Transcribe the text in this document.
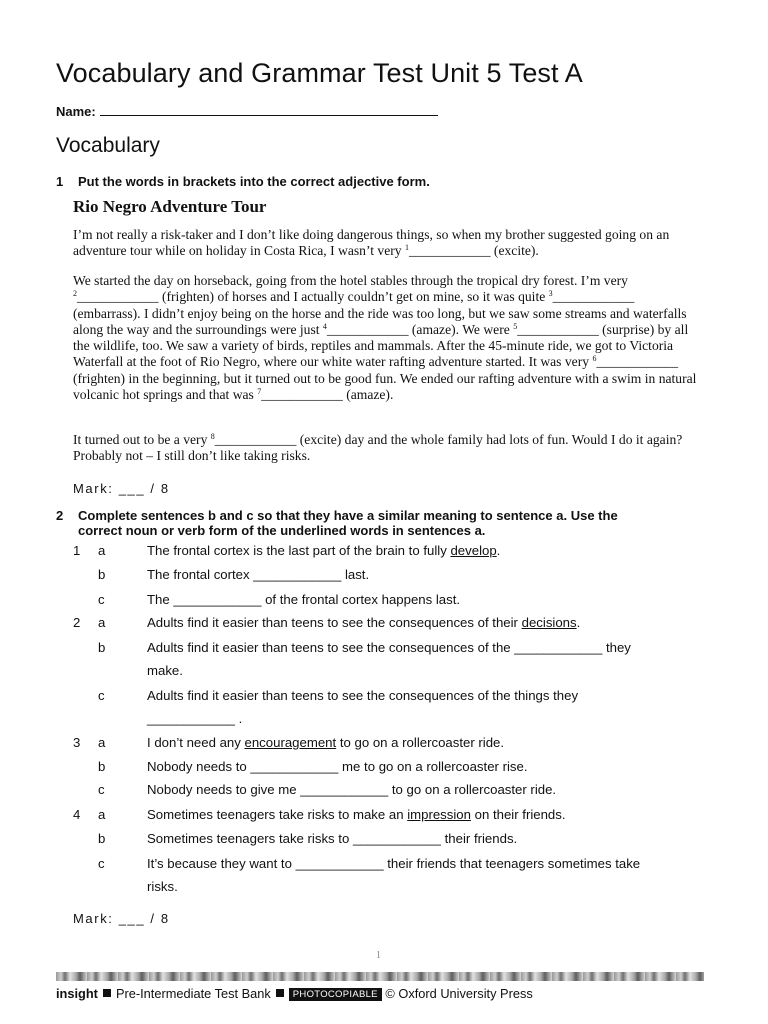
Vocabulary and Grammar Test Unit 5 Test A
Name:
Vocabulary
1 Put the words in brackets into the correct adjective form.
Rio Negro Adventure Tour

I’m not really a risk-taker and I don’t like doing dangerous things, so when my brother suggested going on an adventure tour while on holiday in Costa Rica, I wasn’t very $^1$____________ (excite).

We started the day on horseback, going from the hotel stables through the tropical dry forest. I’m very $^2$____________ (frighten) of horses and I actually couldn’t get on mine, so it was quite $^3$____________ (embarrass). I didn’t enjoy being on the horse and the ride was too long, but we saw some streams and waterfalls along the way and the surroundings were just $^4$____________ (amaze). We were $^5$____________ (surprise) by all the wildlife, too. We saw a variety of birds, reptiles and mammals. After the 45-minute ride, we got to Victoria Waterfall at the foot of Rio Negro, where our white water rafting adventure started. It was very $^6$____________ (frighten) in the beginning, but it turned out to be good fun. We ended our rafting adventure with a swim in natural volcanic hot springs and that was $^7$____________ (amaze).

It turned out to be a very $^8$____________ (excite) day and the whole family had lots of fun. Would I do it again? Probably not – I still don’t like taking risks.

Mark: ___ / 8
2 Complete sentences b and c so that they have a similar meaning to sentence a. Use the
correct noun or verb form of the underlined words in sentences a.
1 a	The frontal cortex is the last part of the brain to fully develop.
b	The frontal cortex ____________ last.
c	The ____________ of the frontal cortex happens last.
2 a	Adults find it easier than teens to see the consequences of their decisions.
b	Adults find it easier than teens to see the consequences of the ____________ they
make.
c	Adults find it easier than teens to see the consequences of the things they
____________ .
3 a	I don’t need any encouragement to go on a rollercoaster ride.
b	Nobody needs to ____________ me to go on a rollercoaster rise.
c	Nobody needs to give me ____________ to go on a rollercoaster ride.
4 a	Sometimes teenagers take risks to make an impression on their friends.
b	Sometimes teenagers take risks to ____________ their friends.
c	It’s because they want to ____________ their friends that teenagers sometimes take
risks.
Mark: ___ / 8
1
insight Pre-Intermediate Test Bank PHOTOCOPIABLE © Oxford University Press
